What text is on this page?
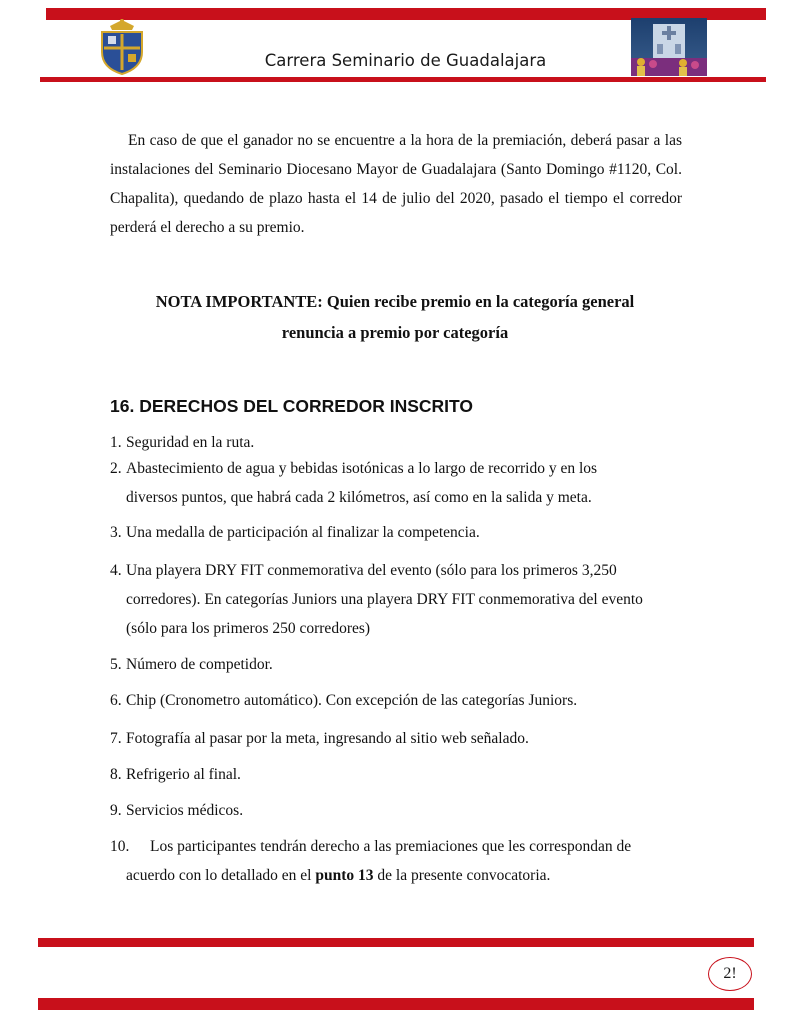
Carrera Seminario de Guadalajara

En caso de que el ganador no se encuentre a la hora de la premiación, deberá pasar a las instalaciones del Seminario Diocesano Mayor de Guadalajara (Santo Domingo #1120, Col. Chapalita), quedando de plazo hasta el 14 de julio del 2020, pasado el tiempo el corredor perderá el derecho a su premio.

NOTA IMPORTANTE: Quien recibe premio en la categoría general
renuncia a premio por categoría
16. DERECHOS DEL CORREDOR INSCRITO
1. Seguridad en la ruta.
2. Abastecimiento de agua y bebidas isotónicas a lo largo de recorrido y en los
diversos puntos, que habrá cada 2 kilómetros, así como en la salida y meta.
3. Una medalla de participación al finalizar la competencia.
4. Una playera DRY FIT conmemorativa del evento (sólo para los primeros 3,250
corredores). En categorías Juniors una playera DRY FIT conmemorativa del evento
(sólo para los primeros 250 corredores)
5. Número de competidor.
6. Chip (Cronometro automático). Con excepción de las categorías Juniors.
7. Fotografía al pasar por la meta, ingresando al sitio web señalado.
8. Refrigerio al final.
9. Servicios médicos.
10. Los participantes tendrán derecho a las premiaciones que les correspondan de
acuerdo con lo detallado en el punto 13 de la presente convocatoria.
2!
